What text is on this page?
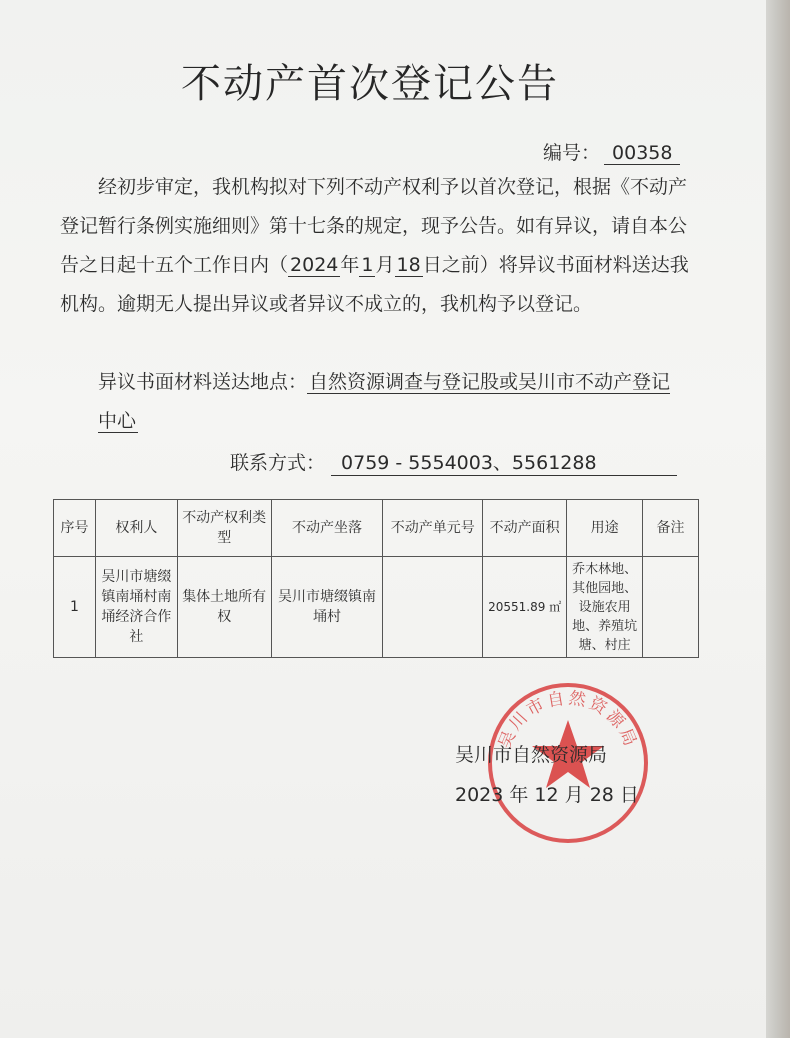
不动产首次登记公告
编号： 00358
经初步审定，我机构拟对下列不动产权利予以首次登记，根据《不动产登记暂行条例实施细则》第十七条的规定，现予公告。如有异议，请自本公告之日起十五个工作日内（ 2024 年 1 月 18 日之前）将异议书面材料送达我机构。逾期无人提出异议或者异议不成立的，我机构予以登记。
异议书面材料送达地点： 自然资源调查与登记股或吴川市不动产登记中心
联系方式： 0759 - 5554003、5561288
序号	权利人	不动产权利类型	不动产坐落	不动产单元号	不动产面积	用途	备注
1	吴川市塘缀镇南埇村南埇经济合作社	集体土地所有权	吴川市塘缀镇南埇村		20551.89 ㎡	乔木林地、其他园地、设施农用地、养殖坑塘、村庄	
吴川市自然资源局
吴川市自然资源局
2023 年 12 月 28 日
